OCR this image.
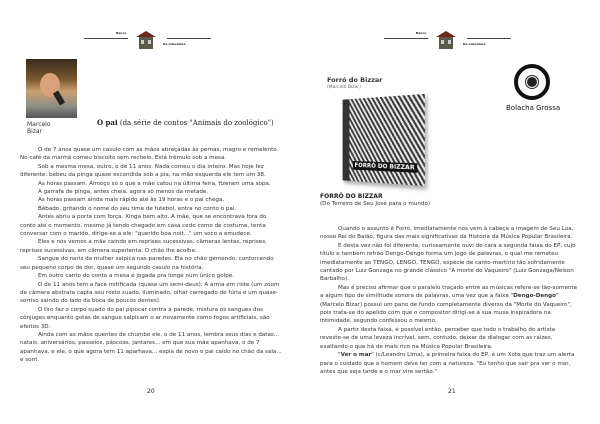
Banco
Da Literatura
Marcelo Bizar
O pai (da série de contos "Animais do zoológico")

O de 7 anos quase um casulo com as mãos abraçadas às pernas, magro e remelento. No café da manhã comeu biscoito sem recheio. Está trêmulo sob a mesa.

Sob a mesma mesa, outro, o de 11 anos. Nada comeu o dia inteiro. Mas hoje fez diferente: bebeu da pinga quase escondida sob a pia, na mão esquerda ele tem um 38.

As horas passam. Almoço só o que a mãe catou na última feira, fizeram uma sopa.

A garrafa de pinga, antes cheia, agora só menos da metade.

As horas passam ainda mais rápido até às 19 horas e o pai chega.

Bêbado, gritando o nome do seu time de futebol, entra no conto o pai.

Antes abriu a porta com força. Xinga bem alto. A mãe, que se encontrava fora do conto até o momento, mesmo já tendo chegado em casa cedo como de costume, tenta conversar com o marido, dirige-se a ele: "querido boa noit..." um soco a emudece.

Eles e nós vemos a mãe caindo em reprises sucessivas, câmeras lentas, reprises, reprises sucessivas, em câmera superlenta. O chão lhe acolhe.

Sangue do nariz da mulher salpica nas paredes. Ela no chão gemendo, contorcendo seu pequeno corpo de dor, quase um segundo casulo na história.

Em outro canto do conto a mesa é jogada pra longe num único golpe.

O de 11 anos tem a face mitificada (quase um semi-deus). A arma em riste (um zoom de câmera abstrata capta seu rosto suado, iluminado, olhar carregado de fúria e um quase-sorriso saindo do lado da boca de poucos dentes).

O tiro faz o corpo suado do pai pipocar contra a parede, mistura os sangues dos cônjuges enquanto gotas de sangue salpicam o ar novamente como fogos artificiais, são efeitos 3D.

Ainda com as mãos quentes de chumbo ele, o de 11 anos, lembra seus dias e datas... natais, aniversários, passeios, páscoas, jantares... em que sua mãe apanhava, o de 7 apanhava, e ele, o que agora tem 11 aparhava... espia de novo o pai caído no chão da sala... e sorri.

20
Banco
Da Literatura
Forró do Bizzar
(Marcelo Bizar)
FORRÓ DO BIZZAR
Bolacha Grossa
FORRÓ DO BIZZAR
(Do Terreiro de Seu José para o mundo)

Quando o assunto é Forró, imediatamente nos vem à cabeça a imagem de Seu Lua, nosso Rei do Baião, figura das mais significativas da História da Música Popular Brasileira.

E desta vez não foi diferente, curiosamente ouvi de cara a segunda faixa do EP, cujo título e também refrão Dengo-Dengo forma um jogo de palavras, o qual me remeteu imediatamente ao TENGO, LENGO, TENGO, espécie de canto-martírio tão sofridamente cantado por Luiz Gonzaga no grande clássico "A morte do Vaqueiro" (Luiz Gonzaga/Nelson Barbalho).

Mas é preciso afirmar que o paralelo traçado entre as músicas refere-se tão-somente a algum tipo de similitude sonora de palavras, uma vez que a faixa "Dengo-Dengo" (Marcelo Bizar) possui um pano de fundo completamente diverso da "Morte do Vaqueiro", pois trata-se do apelido com que o compositor dirigi-se a sua musa inspiradora na intimidade, segundo confessou o mesmo.

A partir desta faixa, é possível então, perceber que todo o trabalho do artista reveste-se de uma leveza incrível, sem, contudo, deixar de dialogar com as raízes, exaltando o que há de mais rico na Música Popular Brasileira.

"Ver o mar" (c/Leandro Lima), a primeira faixa do EP, é um Xote que traz um alerta para o cuidado que o homem deve ter com a natureza. "Eu tenho que sair pra ver o mar, antes que seja tarde e o mar vire sertão."

21
